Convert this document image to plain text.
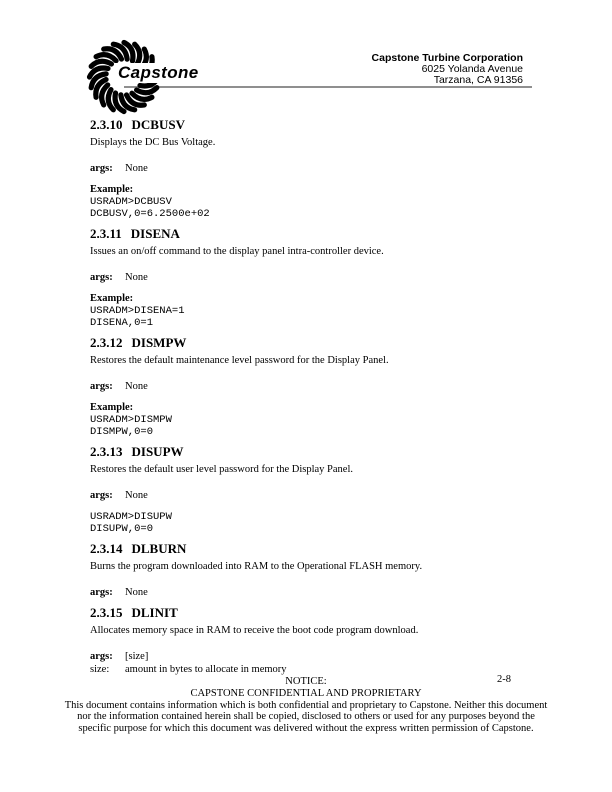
Capstone
Capstone Turbine Corporation
6025 Yolanda Avenue
Tarzana, CA 91356
2.3.10 DCBUSV
Displays the DC Bus Voltage.
args:	None
Example:
USRADM>DCBUSV
DCBUSV,0=6.2500e+02
2.3.11 DISENA
Issues an on/off command to the display panel intra-controller device.
args:	None
Example:
USRADM>DISENA=1
DISENA,0=1
2.3.12 DISMPW
Restores the default maintenance level password for the Display Panel.
args:	None
Example:
USRADM>DISMPW
DISMPW,0=0
2.3.13 DISUPW
Restores the default user level password for the Display Panel.
args:	None
USRADM>DISUPW
DISUPW,0=0
2.3.14 DLBURN
Burns the program downloaded into RAM to the Operational FLASH memory.
args:	None
2.3.15 DLINIT
Allocates memory space in RAM to receive the boot code program download.
args:	[size]
size:	amount in bytes to allocate in memory
2-8
NOTICE:
CAPSTONE CONFIDENTIAL AND PROPRIETARY
This document contains information which is both confidential and proprietary to Capstone. Neither this document nor the information contained herein shall be copied, disclosed to others or used for any purposes beyond the specific purpose for which this document was delivered without the express written permission of Capstone.
